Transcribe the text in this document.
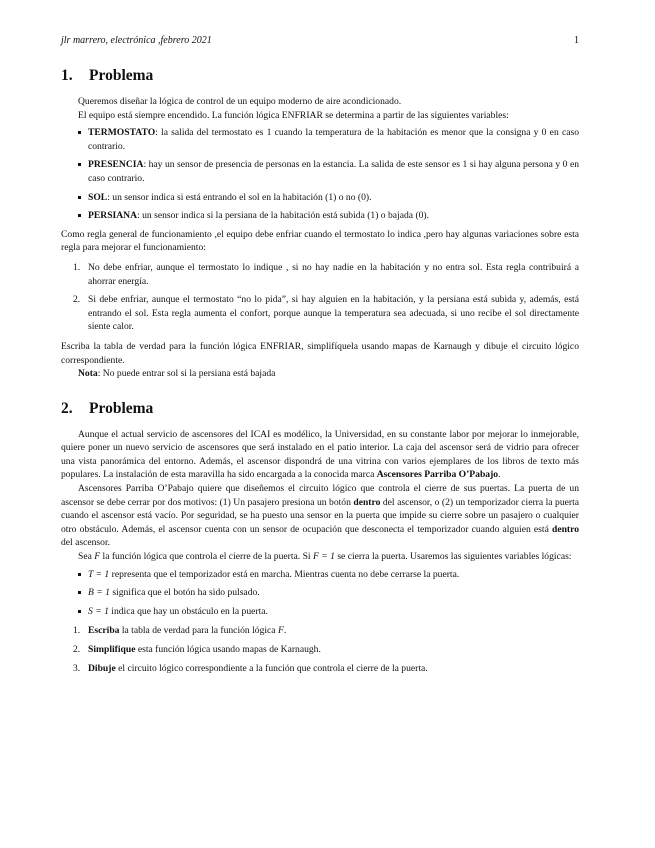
jlr marrero, electrónica ,febrero 2021	1
1. Problema

Queremos diseñar la lógica de control de un equipo moderno de aire acondicionado.

El equipo está siempre encendido. La función lógica ENFRIAR se determina a partir de las siguientes variables:

TERMOSTATO: la salida del termostato es 1 cuando la temperatura de la habitación es menor que la consigna y 0 en caso contrario.
PRESENCIA: hay un sensor de presencia de personas en la estancia. La salida de este sensor es 1 si hay alguna persona y 0 en caso contrario.
SOL: un sensor indica si está entrando el sol en la habitación (1) o no (0).
PERSIANA: un sensor indica si la persiana de la habitación está subida (1) o bajada (0).

Como regla general de funcionamiento ,el equipo debe enfriar cuando el termostato lo indica ,pero hay algunas variaciones sobre esta regla para mejorar el funcionamiento:

1. No debe enfriar, aunque el termostato lo indique , si no hay nadie en la habitación y no entra sol. Esta regla contribuirá a ahorrar energía.
2. Si debe enfriar, aunque el termostato “no lo pida”, si hay alguien en la habitación, y la persiana está subida y, además, está entrando el sol. Esta regla aumenta el confort, porque aunque la temperatura sea adecuada, si uno recibe el sol directamente siente calor.

Escriba la tabla de verdad para la función lógica ENFRIAR, simplifíquela usando mapas de Karnaugh y dibuje el circuito lógico correspondiente.

Nota: No puede entrar sol si la persiana está bajada

2. Problema

Aunque el actual servicio de ascensores del ICAI es modélico, la Universidad, en su constante labor por mejorar lo inmejorable, quiere poner un nuevo servicio de ascensores que será instalado en el patio interior. La caja del ascensor será de vidrio para ofrecer una vista panorámica del entorno. Además, el ascensor dispondrá de una vitrina con varios ejemplares de los libros de texto más populares. La instalación de esta maravilla ha sido encargada a la conocida marca Ascensores Parriba O’Pabajo.

Ascensores Parriba O’Pabajo quiere que diseñemos el circuito lógico que controla el cierre de sus puertas. La puerta de un ascensor se debe cerrar por dos motivos: (1) Un pasajero presiona un botón dentro del ascensor, o (2) un temporizador cierra la puerta cuando el ascensor está vacío. Por seguridad, se ha puesto una sensor en la puerta que impide su cierre sobre un pasajero o cualquier otro obstáculo. Además, el ascensor cuenta con un sensor de ocupación que desconecta el temporizador cuando alguien está dentro del ascensor.

Sea F la función lógica que controla el cierre de la puerta. Si F = 1 se cierra la puerta. Usaremos las siguientes variables lógicas:

T = 1 representa que el temporizador está en marcha. Mientras cuenta no debe cerrarse la puerta.
B = 1 significa que el botón ha sido pulsado.
S = 1 indica que hay un obstáculo en la puerta.
1. Escriba la tabla de verdad para la función lógica F.
2. Simplifique esta función lógica usando mapas de Karnaugh.
3. Dibuje el circuito lógico correspondiente a la función que controla el cierre de la puerta.
